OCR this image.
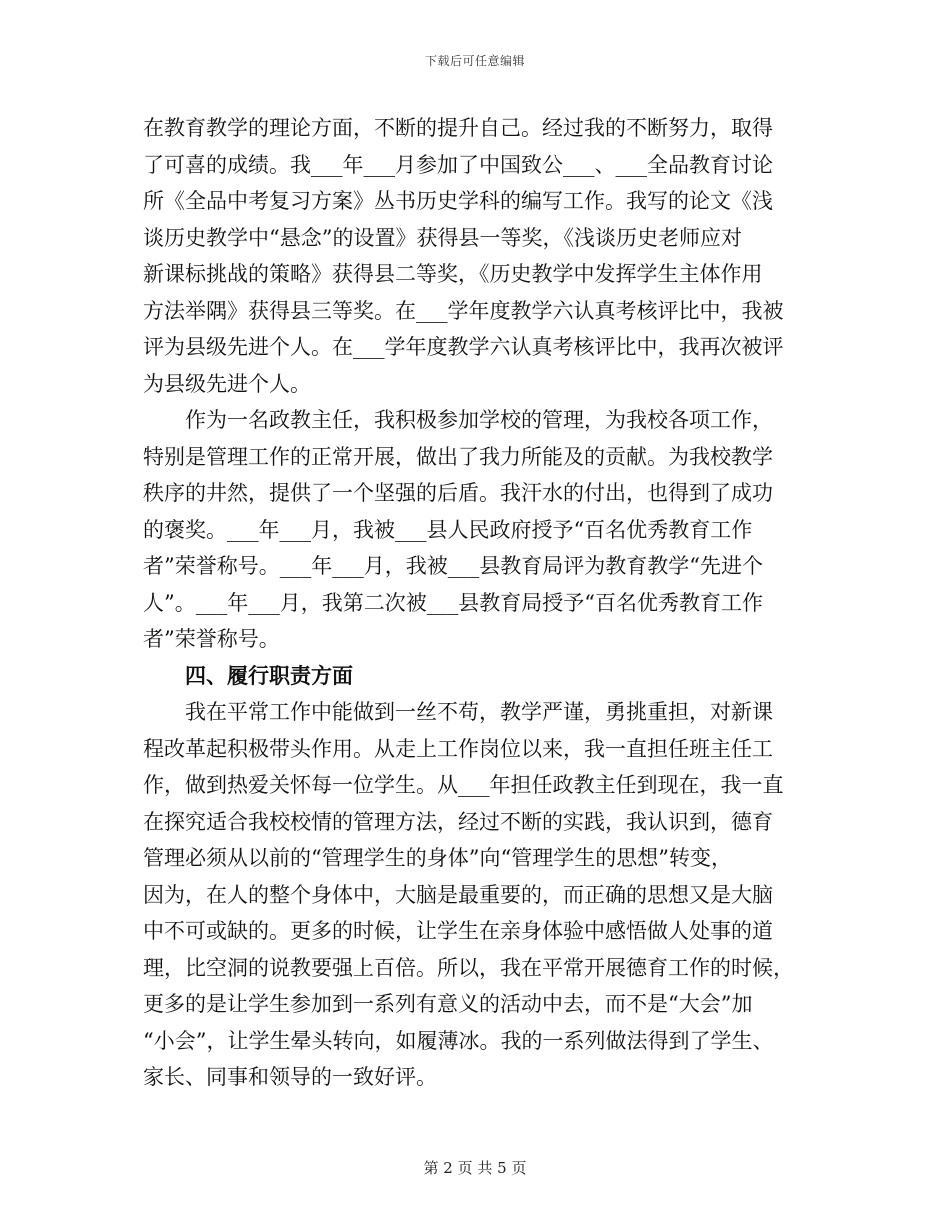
下载后可任意编辑
在教育教学的理论方面，不断的提升自己。经过我的不断努力，取得
了可喜的成绩。我___年___月参加了中国致公___、___全品教育讨论
所《全品中考复习方案》丛书历史学科的编写工作。我写的论文《浅
谈历史教学中“悬念”的设置》获得县一等奖，《浅谈历史老师应对
新课标挑战的策略》获得县二等奖，《历史教学中发挥学生主体作用
方法举隅》获得县三等奖。在___学年度教学六认真考核评比中，我被
评为县级先进个人。在___学年度教学六认真考核评比中，我再次被评
为县级先进个人。
作为一名政教主任，我积极参加学校的管理，为我校各项工作，
特别是管理工作的正常开展，做出了我力所能及的贡献。为我校教学
秩序的井然，提供了一个坚强的后盾。我汗水的付出，也得到了成功
的褒奖。___年___月，我被___县人民政府授予“百名优秀教育工作
者”荣誉称号。___年___月，我被___县教育局评为教育教学“先进个
人”。___年___月，我第二次被___县教育局授予“百名优秀教育工作
者”荣誉称号。
四、履行职责方面
我在平常工作中能做到一丝不苟，教学严谨，勇挑重担，对新课
程改革起积极带头作用。从走上工作岗位以来，我一直担任班主任工
作，做到热爱关怀每一位学生。从___年担任政教主任到现在，我一直
在探究适合我校校情的管理方法，经过不断的实践，我认识到，德育
管理必须从以前的“管理学生的身体”向“管理学生的思想”转变，
因为，在人的整个身体中，大脑是最重要的，而正确的思想又是大脑
中不可或缺的。更多的时候，让学生在亲身体验中感悟做人处事的道
理，比空洞的说教要强上百倍。所以，我在平常开展德育工作的时候，
更多的是让学生参加到一系列有意义的活动中去，而不是“大会”加
“小会”，让学生晕头转向，如履薄冰。我的一系列做法得到了学生、
家长、同事和领导的一致好评。
第 2 页 共 5 页
